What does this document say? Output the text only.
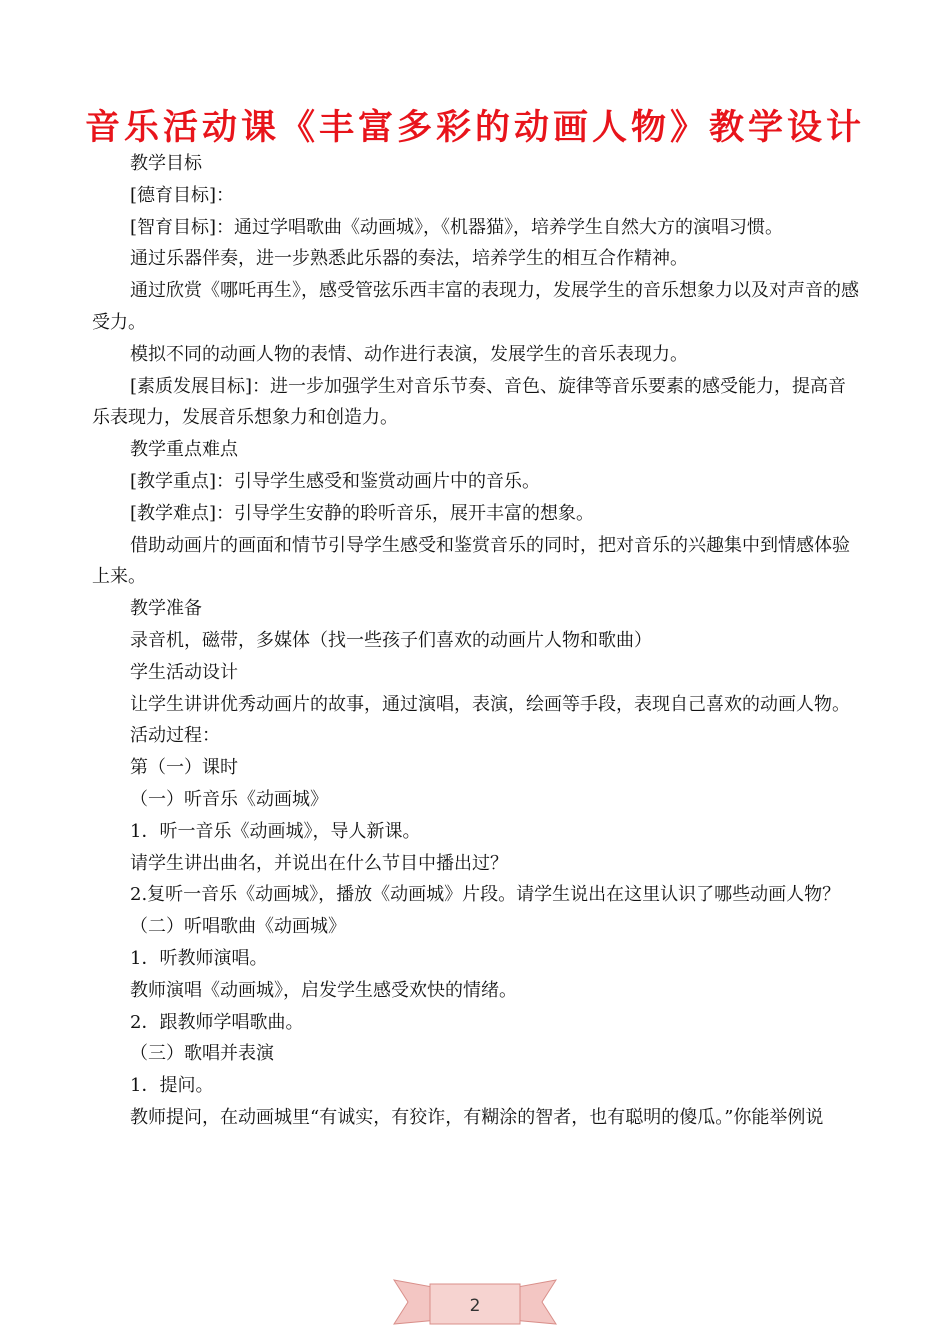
音乐活动课《丰富多彩的动画人物》教学设计
教学目标
[德育目标]：
[智育目标]：通过学唱歌曲《动画城》，《机器猫》，培养学生自然大方的演唱习惯。
通过乐器伴奏，进一步熟悉此乐器的奏法，培养学生的相互合作精神。
通过欣赏《哪吒再生》，感受管弦乐西丰富的表现力，发展学生的音乐想象力以及对声音的感受力。
模拟不同的动画人物的表情、动作进行表演，发展学生的音乐表现力。
[素质发展目标]：进一步加强学生对音乐节奏、音色、旋律等音乐要素的感受能力，提高音乐表现力，发展音乐想象力和创造力。
教学重点难点
[教学重点]：引导学生感受和鉴赏动画片中的音乐。
[教学难点]：引导学生安静的聆听音乐，展开丰富的想象。
借助动画片的画面和情节引导学生感受和鉴赏音乐的同时，把对音乐的兴趣集中到情感体验上来。
教学准备
录音机，磁带，多媒体（找一些孩子们喜欢的动画片人物和歌曲）
学生活动设计
让学生讲讲优秀动画片的故事，通过演唱，表演，绘画等手段，表现自己喜欢的动画人物。
活动过程：
第（一）课时
（一）听音乐《动画城》
1．听一音乐《动画城》，导人新课。
请学生讲出曲名，并说出在什么节目中播出过？
2.复听一音乐《动画城》，播放《动画城》片段。请学生说出在这里认识了哪些动画人物？
（二）听唱歌曲《动画城》
1．听教师演唱。
教师演唱《动画城》，启发学生感受欢快的情绪。
2．跟教师学唱歌曲。
（三）歌唱并表演
1．提问。
教师提问，在动画城里“有诚实，有狡诈，有糊涂的智者，也有聪明的傻瓜。”你能举例说
2
